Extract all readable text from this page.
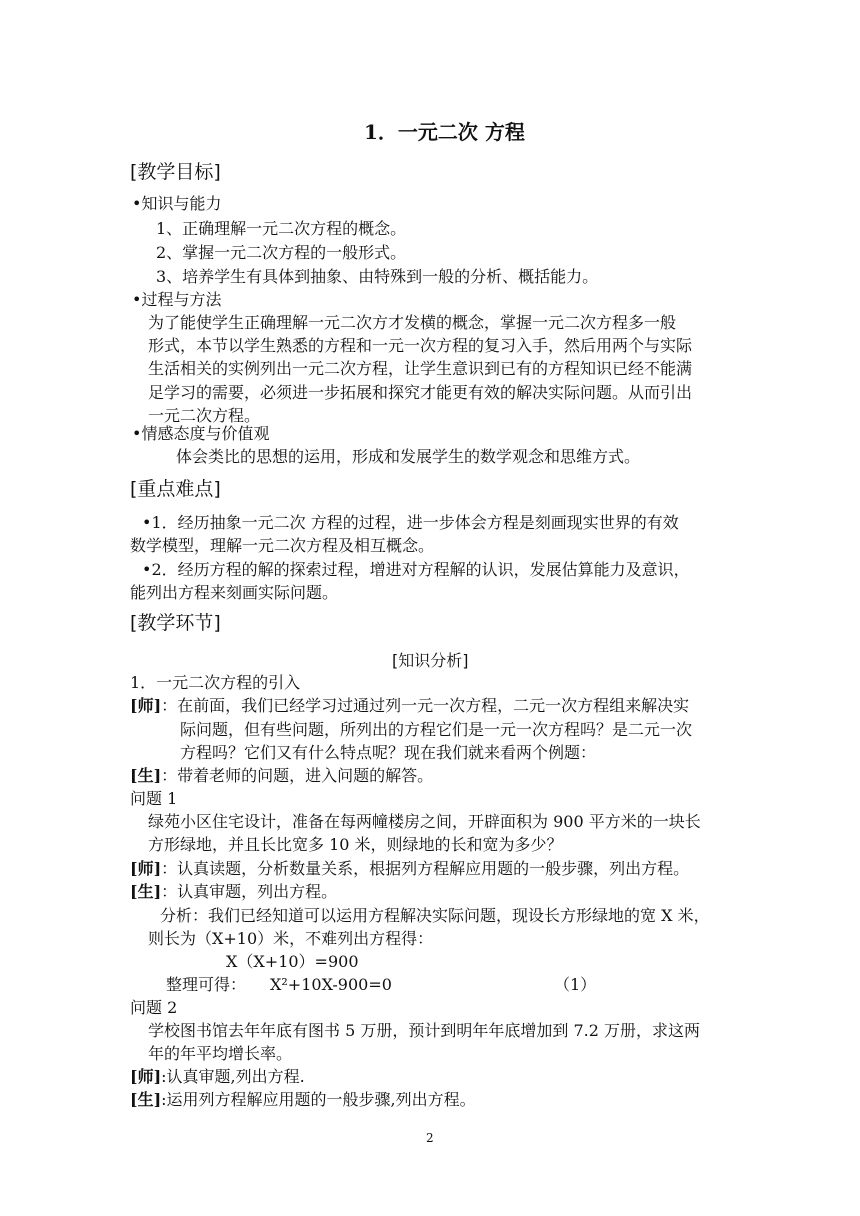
1．一元二次 方程
[教学目标]
•知识与能力
1、正确理解一元二次方程的概念。
2、掌握一元二次方程的一般形式。
3、培养学生有具体到抽象、由特殊到一般的分析、概括能力。
•过程与方法
为了能使学生正确理解一元二次方才发横的概念，掌握一元二次方程多一般
形式，本节以学生熟悉的方程和一元一次方程的复习入手，然后用两个与实际
生活相关的实例列出一元二次方程，让学生意识到已有的方程知识已经不能满
足学习的需要，必须进一步拓展和探究才能更有效的解决实际问题。从而引出
一元二次方程。
•情感态度与价值观
体会类比的思想的运用，形成和发展学生的数学观念和思维方式。
[重点难点]
•1．经历抽象一元二次 方程的过程，进一步体会方程是刻画现实世界的有效
数学模型，理解一元二次方程及相互概念。
•2．经历方程的解的探索过程，增进对方程解的认识，发展估算能力及意识，
能列出方程来刻画实际问题。
[教学环节]
[知识分析]
1．一元二次方程的引入
[师]：在前面，我们已经学习过通过列一元一次方程，二元一次方程组来解决实
际问题，但有些问题，所列出的方程它们是一元一次方程吗？是二元一次
方程吗？它们又有什么特点呢？现在我们就来看两个例题：
[生]：带着老师的问题，进入问题的解答。
问题 1
绿苑小区住宅设计，准备在每两幢楼房之间，开辟面积为 900 平方米的一块长
方形绿地，并且长比宽多 10 米，则绿地的长和宽为多少？
[师]：认真读题，分析数量关系，根据列方程解应用题的一般步骤，列出方程。
[生]：认真审题，列出方程。
分析：我们已经知道可以运用方程解决实际问题，现设长方形绿地的宽 X 米，
则长为（X+10）米，不难列出方程得：
X（X+10）=900
整理可得： X²+10X-900=0	（1）
问题 2
学校图书馆去年年底有图书 5 万册，预计到明年年底增加到 7.2 万册，求这两
年的年平均增长率。
[师]:认真审题,列出方程.
[生]:运用列方程解应用题的一般步骤,列出方程。
2
